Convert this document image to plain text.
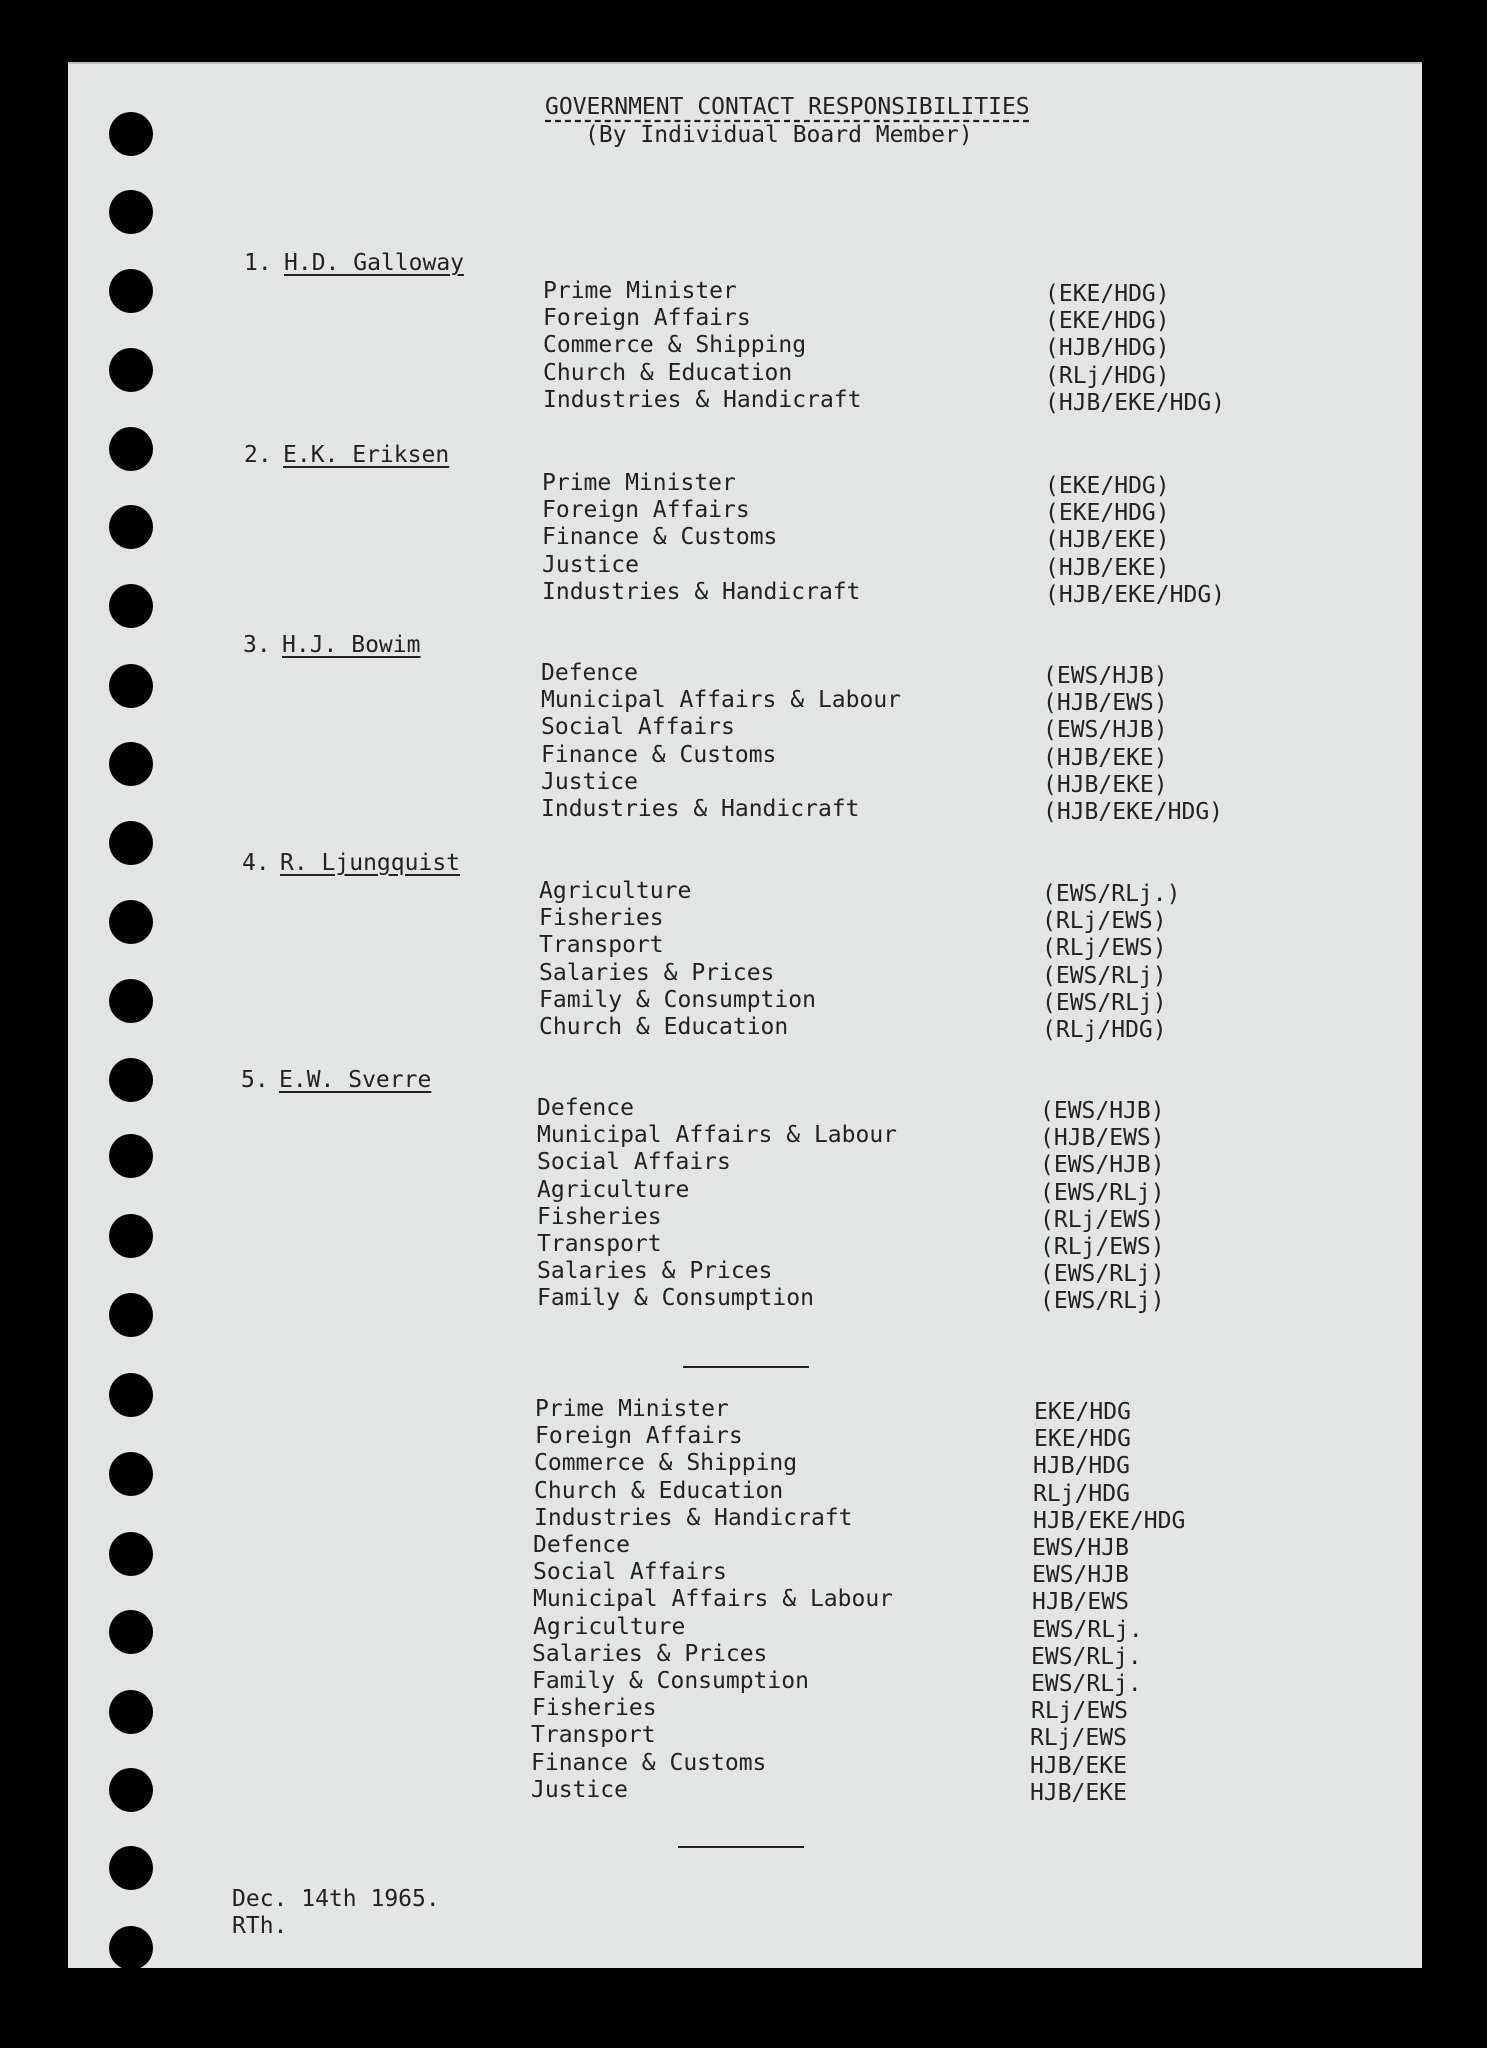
GOVERNMENT CONTACT RESPONSIBILITIES
(By Individual Board Member)
1. H.D. Galloway
Prime Minister	(EKE/HDG)
Foreign Affairs	(EKE/HDG)
Commerce & Shipping	(HJB/HDG)
Church & Education	(RLj/HDG)
Industries & Handicraft	(HJB/EKE/HDG)
2. E.K. Eriksen
Prime Minister	(EKE/HDG)
Foreign Affairs	(EKE/HDG)
Finance & Customs	(HJB/EKE)
Justice	(HJB/EKE)
Industries & Handicraft	(HJB/EKE/HDG)
3. H.J. Bowim
Defence	(EWS/HJB)
Municipal Affairs & Labour	(HJB/EWS)
Social Affairs	(EWS/HJB)
Finance & Customs	(HJB/EKE)
Justice	(HJB/EKE)
Industries & Handicraft	(HJB/EKE/HDG)
4. R. Ljungquist
Agriculture	(EWS/RLj.)
Fisheries	(RLj/EWS)
Transport	(RLj/EWS)
Salaries & Prices	(EWS/RLj)
Family & Consumption	(EWS/RLj)
Church & Education	(RLj/HDG)
5. E.W. Sverre
Defence	(EWS/HJB)
Municipal Affairs & Labour	(HJB/EWS)
Social Affairs	(EWS/HJB)
Agriculture	(EWS/RLj)
Fisheries	(RLj/EWS)
Transport	(RLj/EWS)
Salaries & Prices	(EWS/RLj)
Family & Consumption	(EWS/RLj)
Prime Minister	EKE/HDG
Foreign Affairs	EKE/HDG
Commerce & Shipping	HJB/HDG
Church & Education	RLj/HDG
Industries & Handicraft	HJB/EKE/HDG
Defence	EWS/HJB
Social Affairs	EWS/HJB
Municipal Affairs & Labour	HJB/EWS
Agriculture	EWS/RLj.
Salaries & Prices	EWS/RLj.
Family & Consumption	EWS/RLj.
Fisheries	RLj/EWS
Transport	RLj/EWS
Finance & Customs	HJB/EKE
Justice	HJB/EKE
Dec. 14th 1965.
RTh.
